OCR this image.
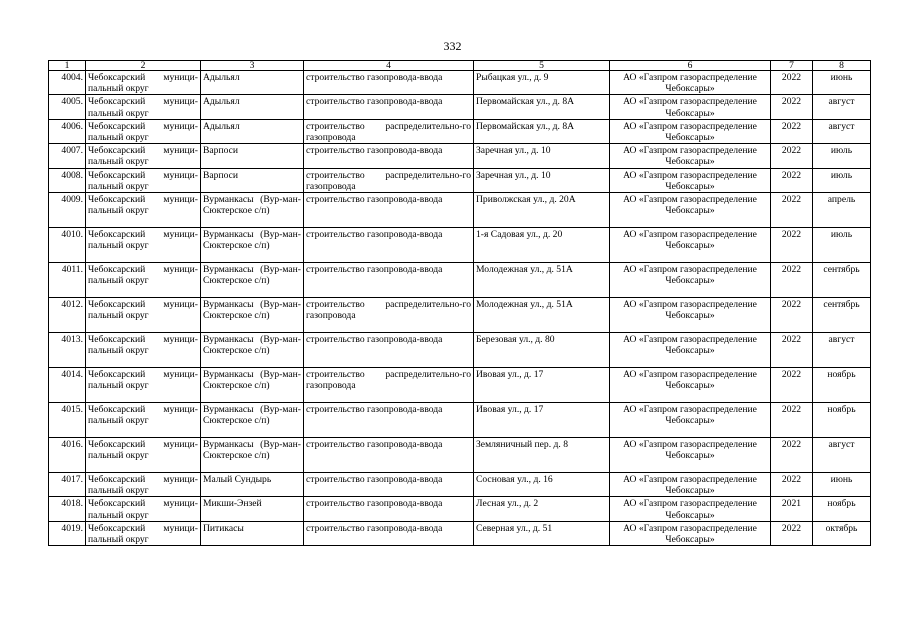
332
1	2	3	4	5	6	7	8
4004.	Чебоксарский муници-пальный округ	Адыльял	строительство газопровода-ввода	Рыбацкая ул., д. 9	АО «Газпром газораспределение Чебоксары»	2022	июнь
4005.	Чебоксарский муници-пальный округ	Адыльял	строительство газопровода-ввода	Первомайская ул., д. 8А	АО «Газпром газораспределение Чебоксары»	2022	август
4006.	Чебоксарский муници-пальный округ	Адыльял	строительство распределительно-го газопровода	Первомайская ул., д. 8А	АО «Газпром газораспределение Чебоксары»	2022	август
4007.	Чебоксарский муници-пальный округ	Варпоси	строительство газопровода-ввода	Заречная ул., д. 10	АО «Газпром газораспределение Чебоксары»	2022	июль
4008.	Чебоксарский муници-пальный округ	Варпоси	строительство распределительно-го газопровода	Заречная ул., д. 10	АО «Газпром газораспределение Чебоксары»	2022	июль
4009.	Чебоксарский муници-пальный округ	Вурманкасы (Вур-ман-Сюктерское с/п)	строительство газопровода-ввода	Приволжская ул., д. 20А	АО «Газпром газораспределение Чебоксары»	2022	апрель
4010.	Чебоксарский муници-пальный округ	Вурманкасы (Вур-ман-Сюктерское с/п)	строительство газопровода-ввода	1-я Садовая ул., д. 20	АО «Газпром газораспределение Чебоксары»	2022	июль
4011.	Чебоксарский муници-пальный округ	Вурманкасы (Вур-ман-Сюктерское с/п)	строительство газопровода-ввода	Молодежная ул., д. 51А	АО «Газпром газораспределение Чебоксары»	2022	сентябрь
4012.	Чебоксарский муници-пальный округ	Вурманкасы (Вур-ман-Сюктерское с/п)	строительство распределительно-го газопровода	Молодежная ул., д. 51А	АО «Газпром газораспределение Чебоксары»	2022	сентябрь
4013.	Чебоксарский муници-пальный округ	Вурманкасы (Вур-ман-Сюктерское с/п)	строительство газопровода-ввода	Березовая ул., д. 80	АО «Газпром газораспределение Чебоксары»	2022	август
4014.	Чебоксарский муници-пальный округ	Вурманкасы (Вур-ман-Сюктерское с/п)	строительство распределительно-го газопровода	Ивовая ул., д. 17	АО «Газпром газораспределение Чебоксары»	2022	ноябрь
4015.	Чебоксарский муници-пальный округ	Вурманкасы (Вур-ман-Сюктерское с/п)	строительство газопровода-ввода	Ивовая ул., д. 17	АО «Газпром газораспределение Чебоксары»	2022	ноябрь
4016.	Чебоксарский муници-пальный округ	Вурманкасы (Вур-ман-Сюктерское с/п)	строительство газопровода-ввода	Земляничный пер. д. 8	АО «Газпром газораспределение Чебоксары»	2022	август
4017.	Чебоксарский муници-пальный округ	Малый Сундырь	строительство газопровода-ввода	Сосновая ул., д. 16	АО «Газпром газораспределение Чебоксары»	2022	июнь
4018.	Чебоксарский муници-пальный округ	Микши-Энзей	строительство газопровода-ввода	Лесная ул., д. 2	АО «Газпром газораспределение Чебоксары»	2021	ноябрь
4019.	Чебоксарский муници-пальный округ	Питикасы	строительство газопровода-ввода	Северная ул., д. 51	АО «Газпром газораспределение Чебоксары»	2022	октябрь
